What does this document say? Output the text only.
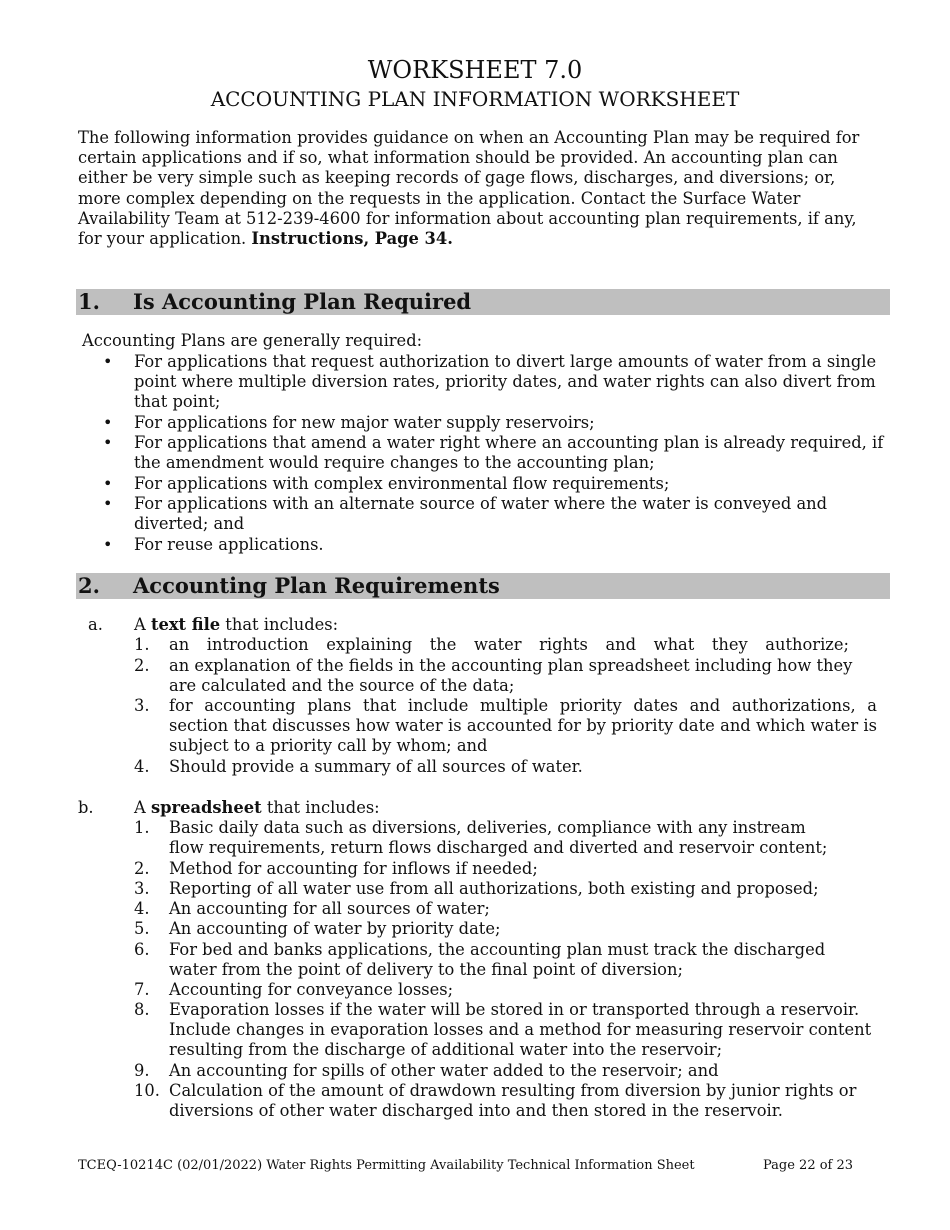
WORKSHEET 7.0
ACCOUNTING PLAN INFORMATION WORKSHEET
The following information provides guidance on when an Accounting Plan may be required for certain applications and if so, what information should be provided. An accounting plan can either be very simple such as keeping records of gage flows, discharges, and diversions; or, more complex depending on the requests in the application. Contact the Surface Water Availability Team at 512-239-4600 for information about accounting plan requirements, if any, for your application. Instructions, Page 34.
1. Is Accounting Plan Required
Accounting Plans are generally required:
• For applications that request authorization to divert large amounts of water from a single point where multiple diversion rates, priority dates, and water rights can also divert from that point;
• For applications for new major water supply reservoirs;
• For applications that amend a water right where an accounting plan is already required, if the amendment would require changes to the accounting plan;
• For applications with complex environmental flow requirements;
• For applications with an alternate source of water where the water is conveyed and diverted; and
• For reuse applications.
2. Accounting Plan Requirements
a. A text file that includes:
1. an introduction explaining the water rights and what they authorize;
2. an explanation of the fields in the accounting plan spreadsheet including how they are calculated and the source of the data;
3. for accounting plans that include multiple priority dates and authorizations, a section that discusses how water is accounted for by priority date and which water is subject to a priority call by whom; and
4. Should provide a summary of all sources of water.
b. A spreadsheet that includes:
1. Basic daily data such as diversions, deliveries, compliance with any instream flow requirements, return flows discharged and diverted and reservoir content;
2. Method for accounting for inflows if needed;
3. Reporting of all water use from all authorizations, both existing and proposed;
4. An accounting for all sources of water;
5. An accounting of water by priority date;
6. For bed and banks applications, the accounting plan must track the discharged water from the point of delivery to the final point of diversion;
7. Accounting for conveyance losses;
8. Evaporation losses if the water will be stored in or transported through a reservoir. Include changes in evaporation losses and a method for measuring reservoir content resulting from the discharge of additional water into the reservoir;
9. An accounting for spills of other water added to the reservoir; and
10. Calculation of the amount of drawdown resulting from diversion by junior rights or diversions of other water discharged into and then stored in the reservoir.
TCEQ-10214C (02/01/2022) Water Rights Permitting Availability Technical Information Sheet	Page 22 of 23
